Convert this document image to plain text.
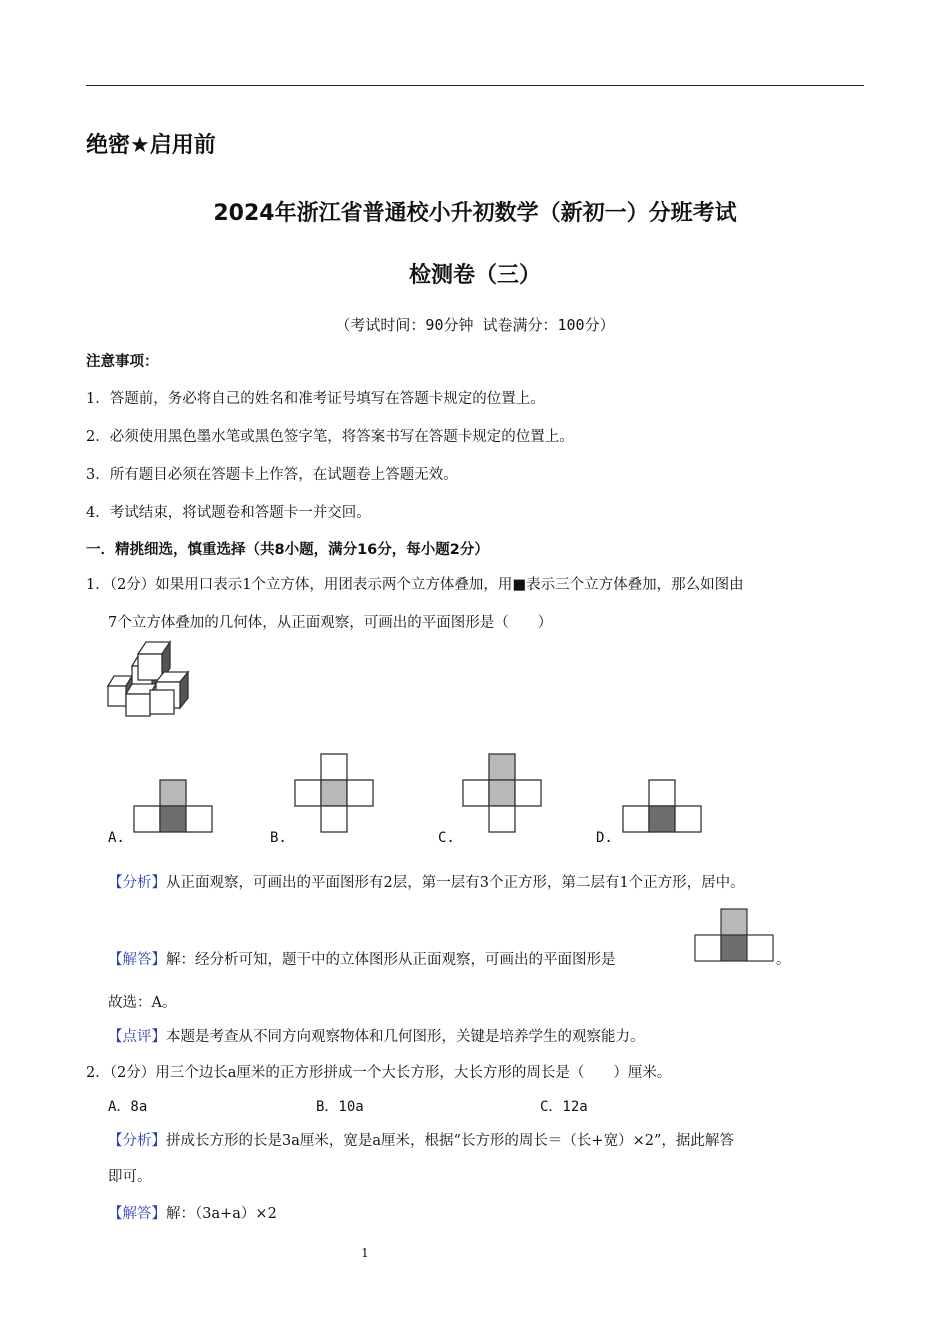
绝密★启用前
2024年浙江省普通校小升初数学（新初一）分班考试
检测卷（三）
（考试时间：90分钟 试卷满分：100分）
注意事项：
1．答题前，务必将自己的姓名和准考证号填写在答题卡规定的位置上。
2．必须使用黑色墨水笔或黑色签字笔，将答案书写在答题卡规定的位置上。
3．所有题目必须在答题卡上作答，在试题卷上答题无效。
4．考试结束，将试题卷和答题卡一并交回。
一．精挑细选，慎重选择（共8小题，满分16分，每小题2分）
1．（2分）如果用口表示1个立方体，用团表示两个立方体叠加，用■表示三个立方体叠加，那么如图由
7个立方体叠加的几何体，从正面观察，可画出的平面图形是（　　）
A.	B.	C.	D.
【分析】从正面观察，可画出的平面图形有2层，第一层有3个正方形，第二层有1个正方形，居中。
【解答】解：经分析可知，题干中的立体图形从正面观察，可画出的平面图形是	。
故选：A。
【点评】本题是考查从不同方向观察物体和几何图形，关键是培养学生的观察能力。
2．（2分）用三个边长a厘米的正方形拼成一个大长方形，大长方形的周长是（　　）厘米。
A．8a	B．10a	C．12a
【分析】拼成长方形的长是3a厘米，宽是a厘米，根据“长方形的周长＝（长+宽）×2”，据此解答
即可。
【解答】解：（3a+a）×2
1
